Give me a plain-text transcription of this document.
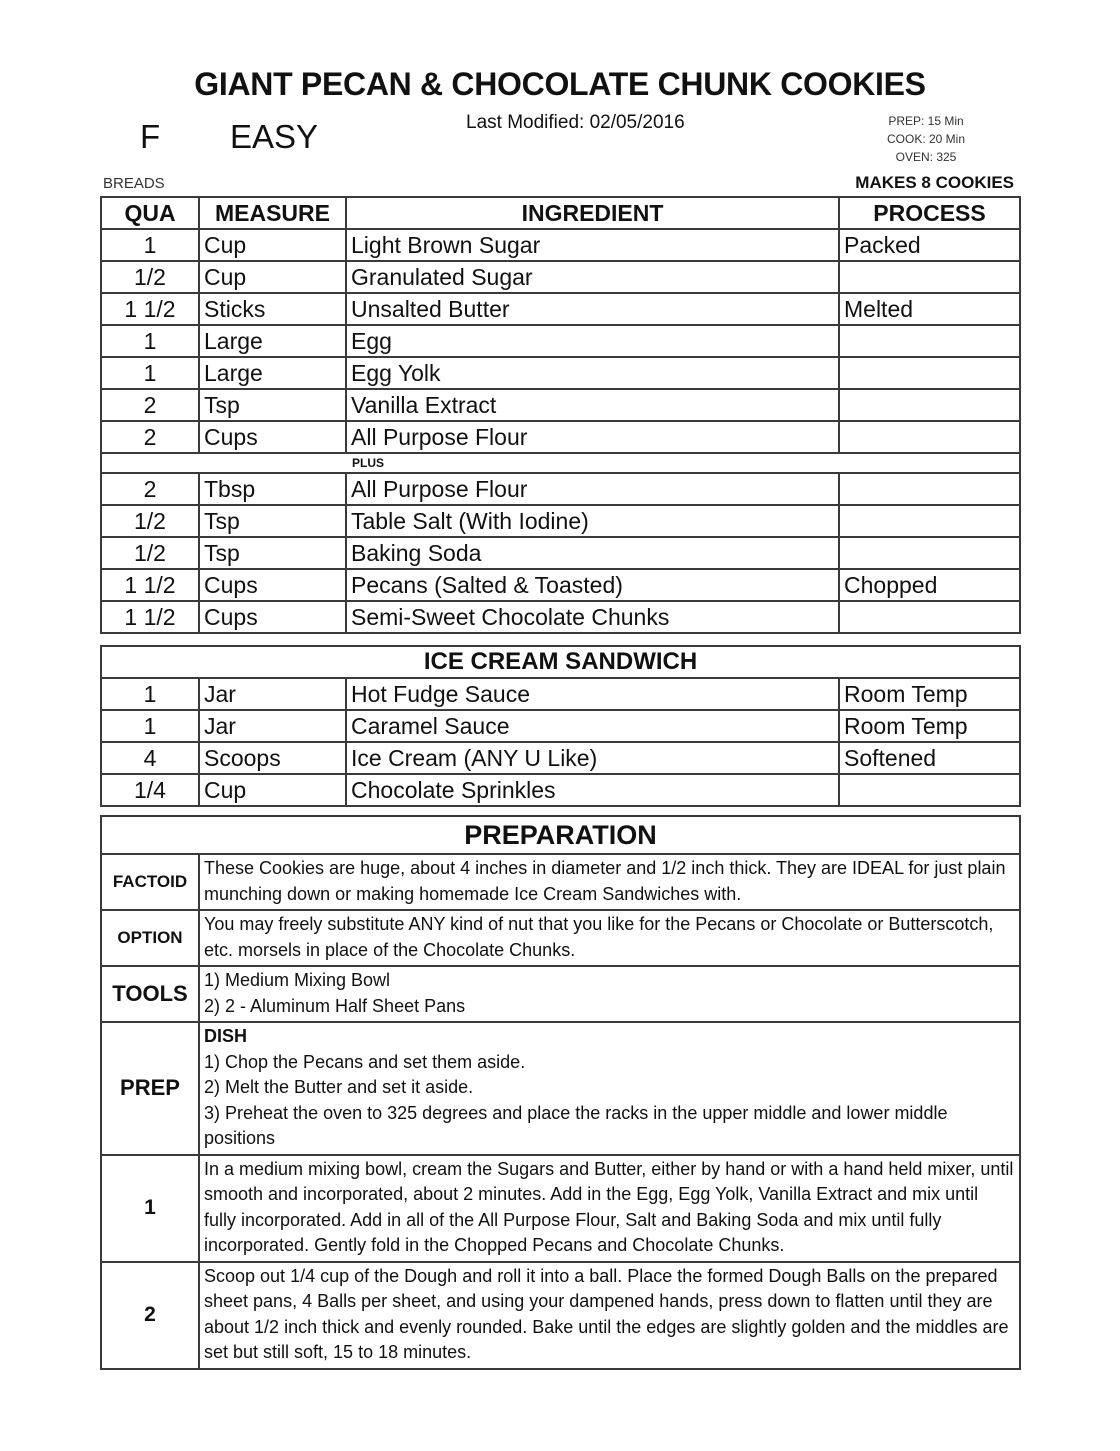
GIANT PECAN & CHOCOLATE CHUNK COOKIES
F EASY	Last Modified: 02/05/2016	PREP: 15 Min
COOK: 20 Min
OVEN: 325
BREADS	MAKES 8 COOKIES
QUA	MEASURE	INGREDIENT	PROCESS
1	Cup	Light Brown Sugar	Packed
1/2	Cup	Granulated Sugar	
1 1/2	Sticks	Unsalted Butter	Melted
1	Large	Egg	
1	Large	Egg Yolk	
2	Tsp	Vanilla Extract	
2	Cups	All Purpose Flour	
PLUS			
2	Tbsp	All Purpose Flour	
1/2	Tsp	Table Salt (With Iodine)	
1/2	Tsp	Baking Soda	
1 1/2	Cups	Pecans (Salted & Toasted)	Chopped
1 1/2	Cups	Semi-Sweet Chocolate Chunks	
ICE CREAM SANDWICH			
1	Jar	Hot Fudge Sauce	Room Temp
1	Jar	Caramel Sauce	Room Temp
4	Scoops	Ice Cream (ANY U Like)	Softened
1/4	Cup	Chocolate Sprinkles	
PREPARATION	
FACTOID	These Cookies are huge, about 4 inches in diameter and 1/2 inch thick. They are IDEAL for just plain munching down or making homemade Ice Cream Sandwiches with.
OPTION	You may freely substitute ANY kind of nut that you like for the Pecans or Chocolate or Butterscotch, etc. morsels in place of the Chocolate Chunks.
TOOLS	1) Medium Mixing Bowl
2) 2 - Aluminum Half Sheet Pans

PREP	DISH
1) Chop the Pecans and set them aside.
2) Melt the Butter and set it aside.
3) Preheat the oven to 325 degrees and place the racks in the upper middle and lower middle positions

1	In a medium mixing bowl, cream the Sugars and Butter, either by hand or with a hand held mixer, until smooth and incorporated, about 2 minutes. Add in the Egg, Egg Yolk, Vanilla Extract and mix until fully incorporated. Add in all of the All Purpose Flour, Salt and Baking Soda and mix until fully incorporated. Gently fold in the Chopped Pecans and Chocolate Chunks.
2	Scoop out 1/4 cup of the Dough and roll it into a ball. Place the formed Dough Balls on the prepared sheet pans, 4 Balls per sheet, and using your dampened hands, press down to flatten until they are about 1/2 inch thick and evenly rounded. Bake until the edges are slightly golden and the middles are set but still soft, 15 to 18 minutes.
